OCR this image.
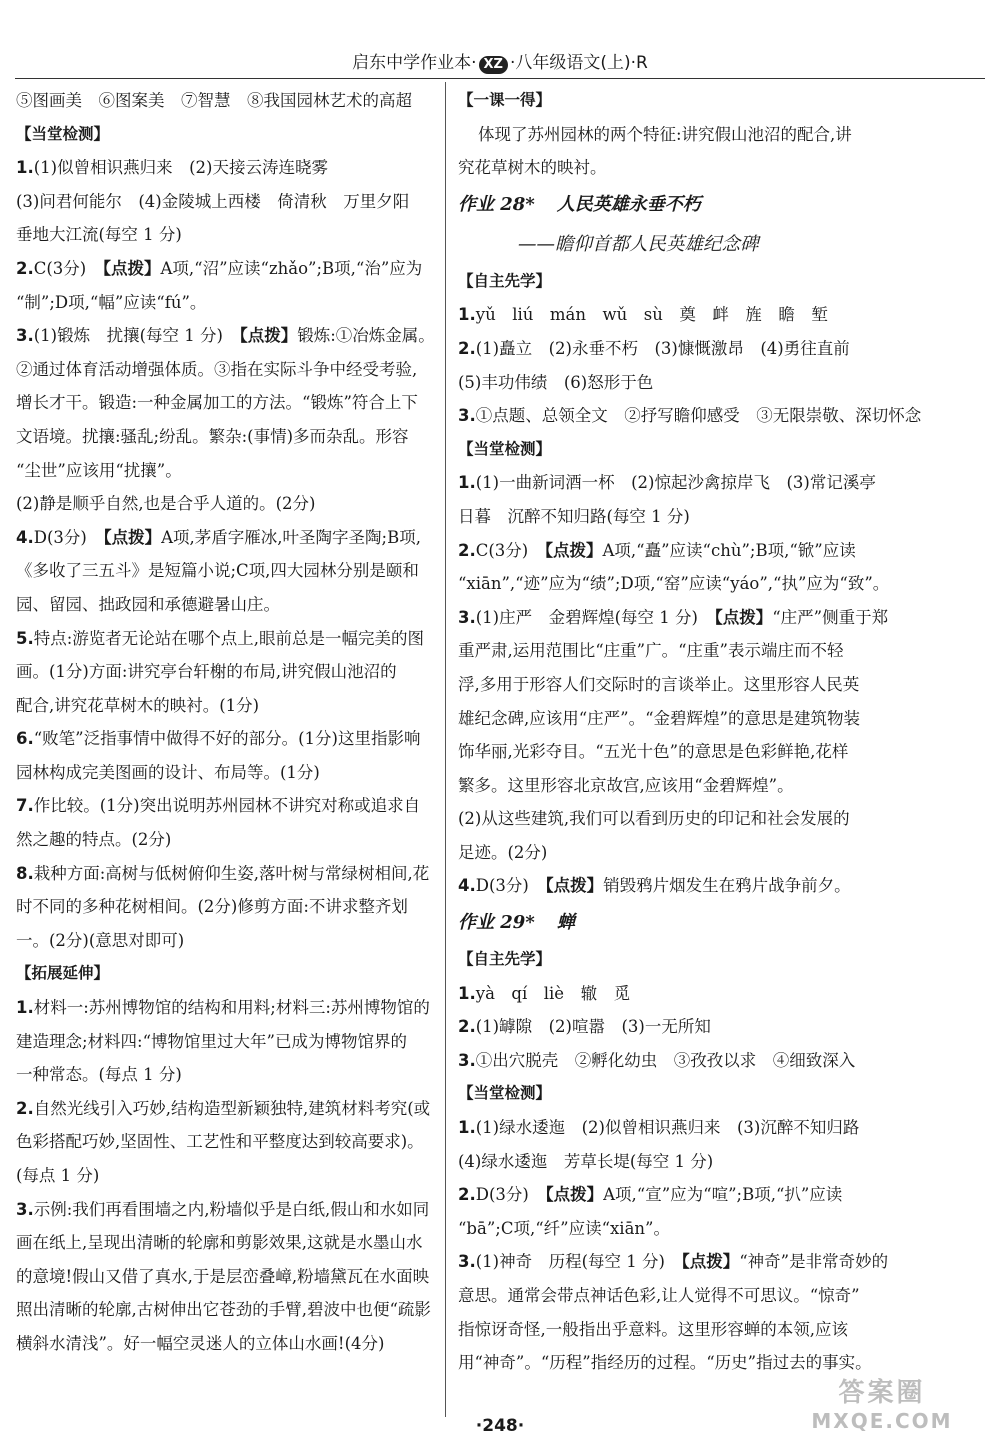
启东中学作业本· XZ ·八年级语文(上)·R
⑤图画美　⑥图案美　⑦智慧　⑧我国园林艺术的高超
【当堂检测】
1.(1)似曾相识燕归来　(2)天接云涛连晓雾
(3)问君何能尔　(4)金陵城上西楼　倚清秋　万里夕阳
垂地大江流(每空 1 分)
2.C(3分)　【点拨】A项,“沼”应读“zhǎo”;B项,“治”应为
“制”;D项,“幅”应读“fú”。
3.(1)锻炼　扰攘(每空 1 分)　【点拨】锻炼:①冶炼金属。
②通过体育活动增强体质。③指在实际斗争中经受考验,
增长才干。锻造:一种金属加工的方法。“锻炼”符合上下
文语境。扰攘:骚乱;纷乱。繁杂:(事情)多而杂乱。形容
“尘世”应该用“扰攘”。
(2)静是顺乎自然,也是合乎人道的。(2分)
4.D(3分)　【点拨】A项,茅盾字雁冰,叶圣陶字圣陶;B项,
《多收了三五斗》是短篇小说;C项,四大园林分别是颐和
园、留园、拙政园和承德避暑山庄。
5.特点:游览者无论站在哪个点上,眼前总是一幅完美的图
画。(1分)方面:讲究亭台轩榭的布局,讲究假山池沼的
配合,讲究花草树木的映衬。(1分)
6.“败笔”泛指事情中做得不好的部分。(1分)这里指影响
园林构成完美图画的设计、布局等。(1分)
7.作比较。(1分)突出说明苏州园林不讲究对称或追求自
然之趣的特点。(2分)
8.栽种方面:高树与低树俯仰生姿,落叶树与常绿树相间,花
时不同的多种花树相间。(2分)修剪方面:不讲求整齐划
一。(2分)(意思对即可)
【拓展延伸】
1.材料一:苏州博物馆的结构和用料;材料三:苏州博物馆的
建造理念;材料四:“博物馆里过大年”已成为博物馆界的
一种常态。(每点 1 分)
2.自然光线引入巧妙,结构造型新颖独特,建筑材料考究(或
色彩搭配巧妙,坚固性、工艺性和平整度达到较高要求)。
(每点 1 分)
3.示例:我们再看围墙之内,粉墙似乎是白纸,假山和水如同
画在纸上,呈现出清晰的轮廓和剪影效果,这就是水墨山水
的意境!假山又借了真水,于是层峦叠嶂,粉墙黛瓦在水面映
照出清晰的轮廓,古树伸出它苍劲的手臂,碧波中也便“疏影
横斜水清浅”。好一幅空灵迷人的立体山水画!(4分)
【一课一得】
体现了苏州园林的两个特征:讲究假山池沼的配合,讲
究花草树木的映衬。
作业 28* 人民英雄永垂不朽
——瞻仰首都人民英雄纪念碑
【自主先学】
1.yǔ　liú　mán　wǔ　sù　奠　衅　旌　瞻　堑
2.(1)矗立　(2)永垂不朽　(3)慷慨激昂　(4)勇往直前
(5)丰功伟绩　(6)怒形于色
3.①点题、总领全文　②抒写瞻仰感受　③无限崇敬、深切怀念
【当堂检测】
1.(1)一曲新词酒一杯　(2)惊起沙禽掠岸飞　(3)常记溪亭
日暮　沉醉不知归路(每空 1 分)
2.C(3分)　【点拨】A项,“矗”应读“chù”;B项,“锨”应读
“xiān”,“迹”应为“绩”;D项,“窑”应读“yáo”,“执”应为“致”。
3.(1)庄严　金碧辉煌(每空 1 分)　【点拨】“庄严”侧重于郑
重严肃,运用范围比“庄重”广。“庄重”表示端庄而不轻
浮,多用于形容人们交际时的言谈举止。这里形容人民英
雄纪念碑,应该用“庄严”。“金碧辉煌”的意思是建筑物装
饰华丽,光彩夺目。“五光十色”的意思是色彩鲜艳,花样
繁多。这里形容北京故宫,应该用“金碧辉煌”。
(2)从这些建筑,我们可以看到历史的印记和社会发展的
足迹。(2分)
4.D(3分)　【点拨】销毁鸦片烟发生在鸦片战争前夕。
作业 29* 蝉
【自主先学】
1.yà　qí　liè　辙　觅
2.(1)罅隙　(2)喧嚣　(3)一无所知
3.①出穴脱壳　②孵化幼虫　③孜孜以求　④细致深入
【当堂检测】
1.(1)绿水逶迤　(2)似曾相识燕归来　(3)沉醉不知归路
(4)绿水逶迤　芳草长堤(每空 1 分)
2.D(3分)　【点拨】A项,“宣”应为“喧”;B项,“扒”应读
“bā”;C项,“纤”应读“xiān”。
3.(1)神奇　历程(每空 1 分)　【点拨】“神奇”是非常奇妙的
意思。通常会带点神话色彩,让人觉得不可思议。“惊奇”
指惊讶奇怪,一般指出乎意料。这里形容蝉的本领,应该
用“神奇”。“历程”指经历的过程。“历史”指过去的事实。
·248·
答案圈
MXQE.COM
